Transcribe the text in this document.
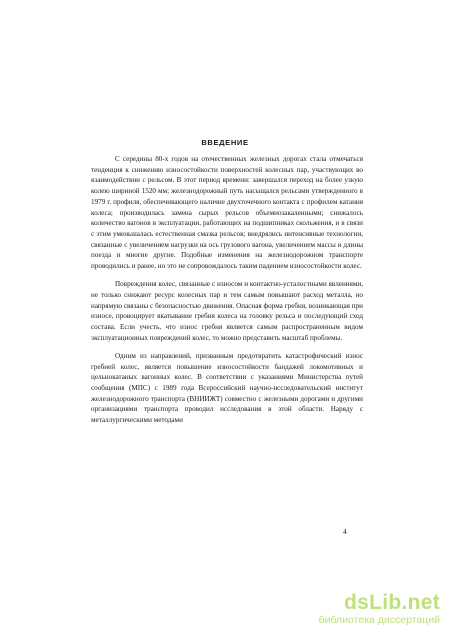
ВВЕДЕНИЕ

С середины 80-х годов на отечественных железных дорогах стала отмечаться тенденция к снижению износостойкости поверхностей колесных пар, участвующих во взаимодействии с рельсом. В этот период времени: завершался переход на более узкую колею шириной 1520 мм; железнодорожный путь насыщался рельсами утвержденного в 1979 г. профиля, обеспечивающего наличие двухточечного контакта с профилем катания колеса; производилась замена сырых рельсов объемнозакаленными; снижалось количество вагонов в эксплуатации, работающих на подшипниках скольжения, и в связи с этим уменьшалась естественная смазка рельсов; внедрялись интенсивные технологии, связанные с увеличением нагрузки на ось грузового вагона, увеличением массы и длины поезда и многие другие. Подобные изменения на железнодорожном транспорте проводились и ранее, но это не сопровождалось таким падением износостойкости колес.

Повреждения колес, связанные с износом и контактно-усталостными явлениями, не только снижают ресурс колесных пар и тем самым повышают расход металла, но напрямую связаны с безопасностью движения. Опасная форма гребня, возникающая при износе, провоцирует вкатывание гребня колеса на головку рельса и последующий сход состава. Если учесть, что износ гребня является самым распространенным видом эксплуатационных повреждений колес, то можно представить масштаб проблемы.

Одним из направлений, призванным предотвратить катастрофический износ гребней колес, является повышение износостойкости бандажей локомотивных и цельнокатаных вагонных колес. В соответствии с указаниями Министерства путей сообщения (МПС) с 1989 года Всероссийский научно-исследовательский институт железнодорожного транспорта (ВНИИЖТ) совместно с железными дорогами и другими организациями транспорта проводил исследования в этой области. Наряду с металлургическими методами

4
dsLib.net
библиотека диссертаций
